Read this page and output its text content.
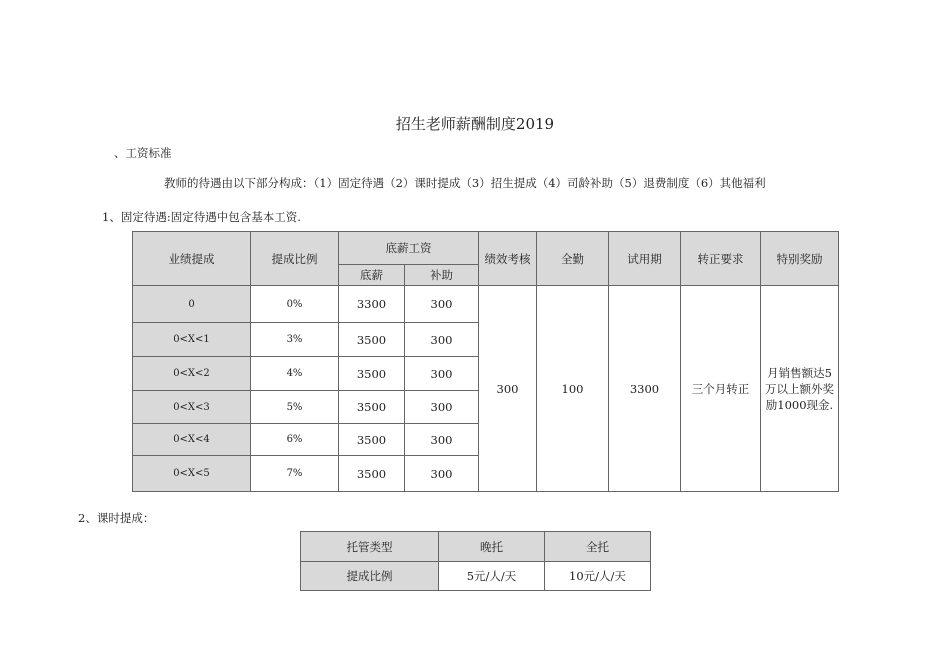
招生老师薪酬制度2019
、工资标准
教师的待遇由以下部分构成：（1）固定待遇（2）课时提成（3）招生提成（4）司龄补助（5）退费制度（6）其他福利
1、固定待遇:固定待遇中包含基本工资.
业绩提成	提成比例	底薪工资		绩效考核	全勤	试用期	转正要求	特别奖励
		底薪	补助					
0	0%	3300	300	300	100	3300	三个月转正	月销售额达5万以上额外奖励1000现金.
0<X<1	3%	3500	300					
0<X<2	4%	3500	300					
0<X<3	5%	3500	300					
0<X<4	6%	3500	300					
0<X<5	7%	3500	300					
2、课时提成：
托管类型	晚托	全托
提成比例	5元/人/天	10元/人/天
